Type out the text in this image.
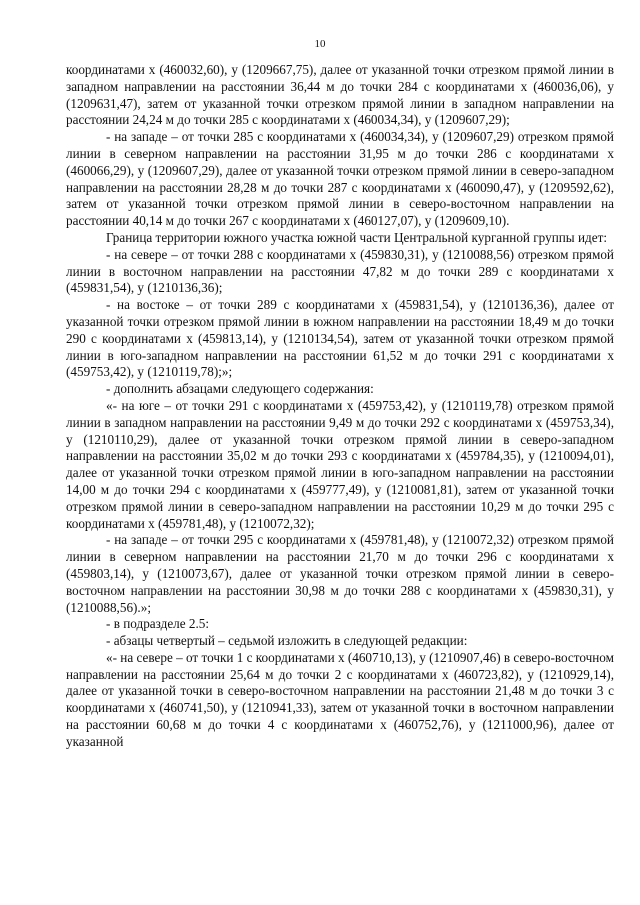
10

координатами х (460032,60), у (1209667,75), далее от указанной точки отрезком прямой линии в западном направлении на расстоянии 36,44 м до точки 284 с координатами х (460036,06), у (1209631,47), затем от указанной точки отрезком прямой линии в западном направлении на расстоянии 24,24 м до точки 285 с координатами х (460034,34), у (1209607,29);

- на западе – от точки 285 с координатами х (460034,34), у (1209607,29) отрезком прямой линии в северном направлении на расстоянии 31,95 м до точки 286 с координатами х (460066,29), у (1209607,29), далее от указанной точки отрезком прямой линии в северо-западном направлении на расстоянии 28,28 м до точки 287 с координатами х (460090,47), у (1209592,62), затем от указанной точки отрезком прямой линии в северо-восточном направлении на расстоянии 40,14 м до точки 267 с координатами х (460127,07), у (1209609,10).

Граница территории южного участка южной части Центральной курганной группы идет:

- на севере – от точки 288 с координатами х (459830,31), у (1210088,56) отрезком прямой линии в восточном направлении на расстоянии 47,82 м до точки 289 с координатами х (459831,54), у (1210136,36);

- на востоке – от точки 289 с координатами х (459831,54), у (1210136,36), далее от указанной точки отрезком прямой линии в южном направлении на расстоянии 18,49 м до точки 290 с координатами х (459813,14), у (1210134,54), затем от указанной точки отрезком прямой линии в юго-западном направлении на расстоянии 61,52 м до точки 291 с координатами х (459753,42), у (1210119,78);»;

- дополнить абзацами следующего содержания:

«- на юге – от точки 291 с координатами х (459753,42), у (1210119,78) отрезком прямой линии в западном направлении на расстоянии 9,49 м до точки 292 с координатами х (459753,34), у (1210110,29), далее от указанной точки отрезком прямой линии в северо-западном направлении на расстоянии 35,02 м до точки 293 с координатами х (459784,35), у (1210094,01), далее от указанной точки отрезком прямой линии в юго-западном направлении на расстоянии 14,00 м до точки 294 с координатами х (459777,49), у (1210081,81), затем от указанной точки отрезком прямой линии в северо-западном направлении на расстоянии 10,29 м до точки 295 с координатами х (459781,48), у (1210072,32);

- на западе – от точки 295 с координатами х (459781,48), у (1210072,32) отрезком прямой линии в северном направлении на расстоянии 21,70 м до точки 296 с координатами х (459803,14), у (1210073,67), далее от указанной точки отрезком прямой линии в северо-восточном направлении на расстоянии 30,98 м до точки 288 с координатами х (459830,31), у (1210088,56).»;

- в подразделе 2.5:

- абзацы четвертый – седьмой изложить в следующей редакции:

«- на севере – от точки 1 с координатами х (460710,13), у (1210907,46) в северо-восточном направлении на расстоянии 25,64 м до точки 2 с координатами х (460723,82), у (1210929,14), далее от указанной точки в северо-восточном направлении на расстоянии 21,48 м до точки 3 с координатами х (460741,50), у (1210941,33), затем от указанной точки в восточном направлении на расстоянии 60,68 м до точки 4 с координатами х (460752,76), у (1211000,96), далее от указанной
